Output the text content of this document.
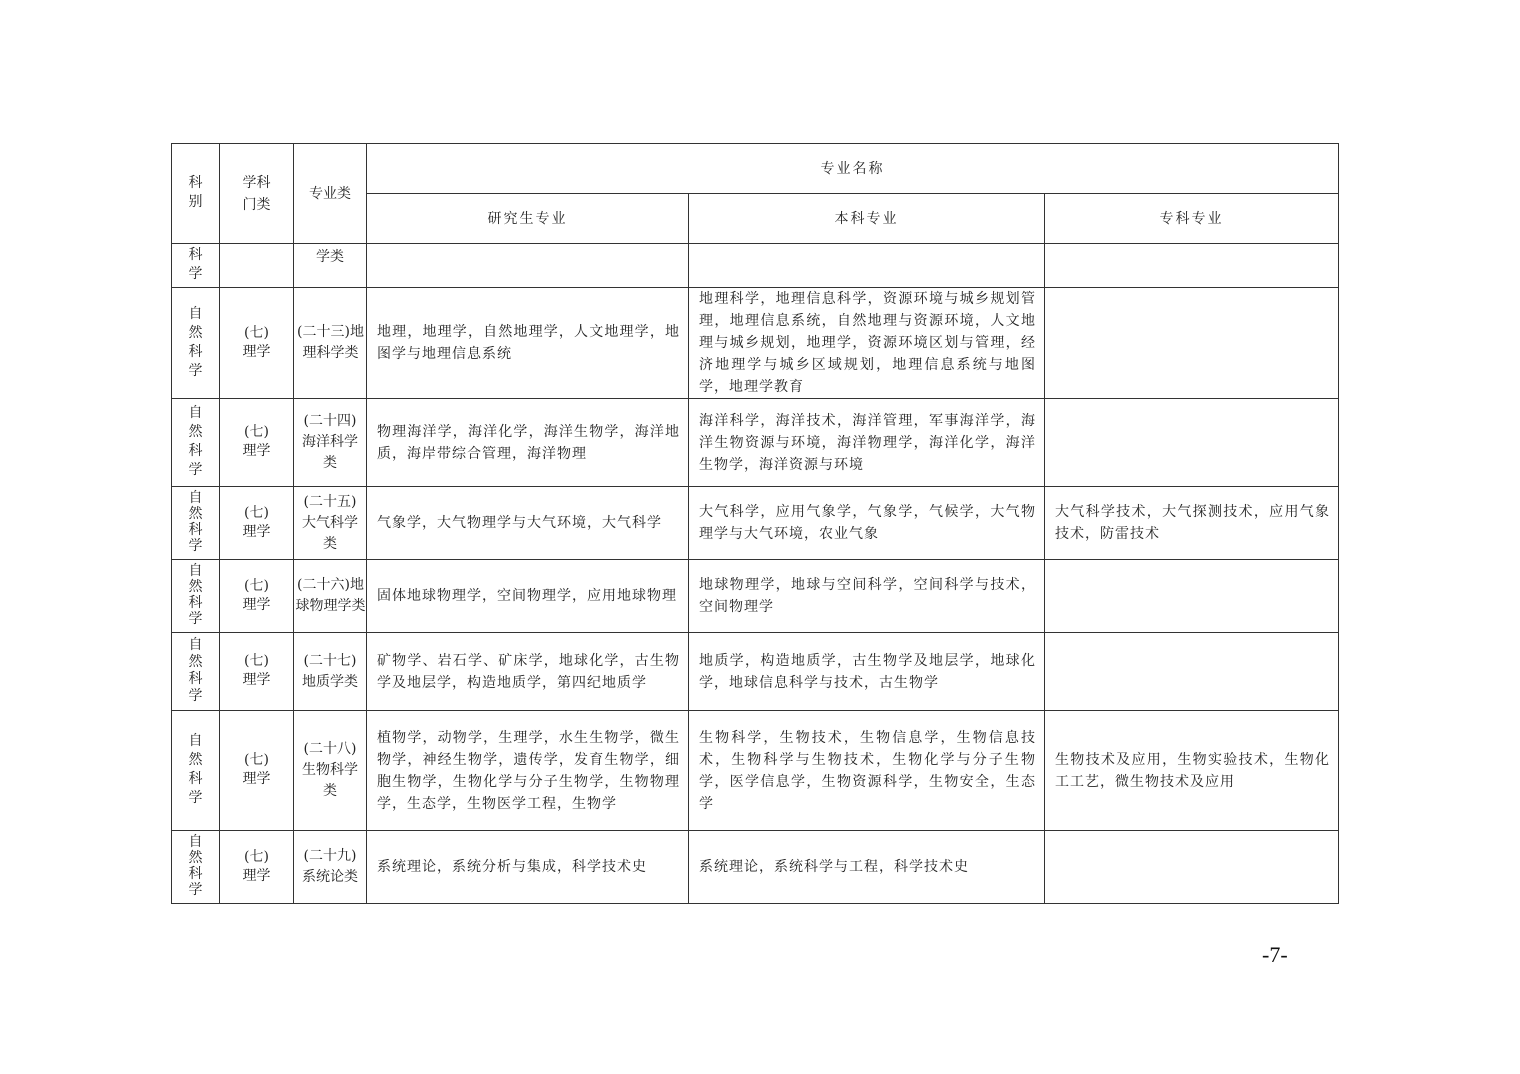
科别	学科门类	专业类	专业名称		
			研究生专业	本科专业	专科专业
科学		学类			
自然科学	(七)理学	(二十三)地理科学类	地理，地理学，自然地理学，人文地理学，地图学与地理信息系统	地理科学，地理信息科学，资源环境与城乡规划管理，地理信息系统，自然地理与资源环境，人文地理与城乡规划，地理学，资源环境区划与管理，经济地理学与城乡区域规划，地理信息系统与地图学，地理学教育	
自然科学	(七)理学	(二十四)海洋科学类	物理海洋学，海洋化学，海洋生物学，海洋地质，海岸带综合管理，海洋物理	海洋科学，海洋技术，海洋管理，军事海洋学，海洋生物资源与环境，海洋物理学，海洋化学，海洋生物学，海洋资源与环境	
自然科学	(七)理学	(二十五)大气科学类	气象学，大气物理学与大气环境，大气科学	大气科学，应用气象学，气象学，气候学，大气物理学与大气环境，农业气象	大气科学技术，大气探测技术，应用气象技术，防雷技术
自然科学	(七)理学	(二十六)地球物理学类	固体地球物理学，空间物理学，应用地球物理	地球物理学，地球与空间科学，空间科学与技术，空间物理学	
自然科学	(七)理学	(二十七)地质学类	矿物学、岩石学、矿床学，地球化学，古生物学及地层学，构造地质学，第四纪地质学	地质学，构造地质学，古生物学及地层学，地球化学，地球信息科学与技术，古生物学	
自然科学	(七)理学	(二十八)生物科学类	植物学，动物学，生理学，水生生物学，微生物学，神经生物学，遗传学，发育生物学，细胞生物学，生物化学与分子生物学，生物物理学，生态学，生物医学工程，生物学	生物科学，生物技术，生物信息学，生物信息技术，生物科学与生物技术，生物化学与分子生物学，医学信息学，生物资源科学，生物安全，生态学	生物技术及应用，生物实验技术，生物化工工艺，微生物技术及应用
自然科学	(七)理学	(二十九)系统论类	系统理论，系统分析与集成，科学技术史	系统理论，系统科学与工程，科学技术史	
-7-
